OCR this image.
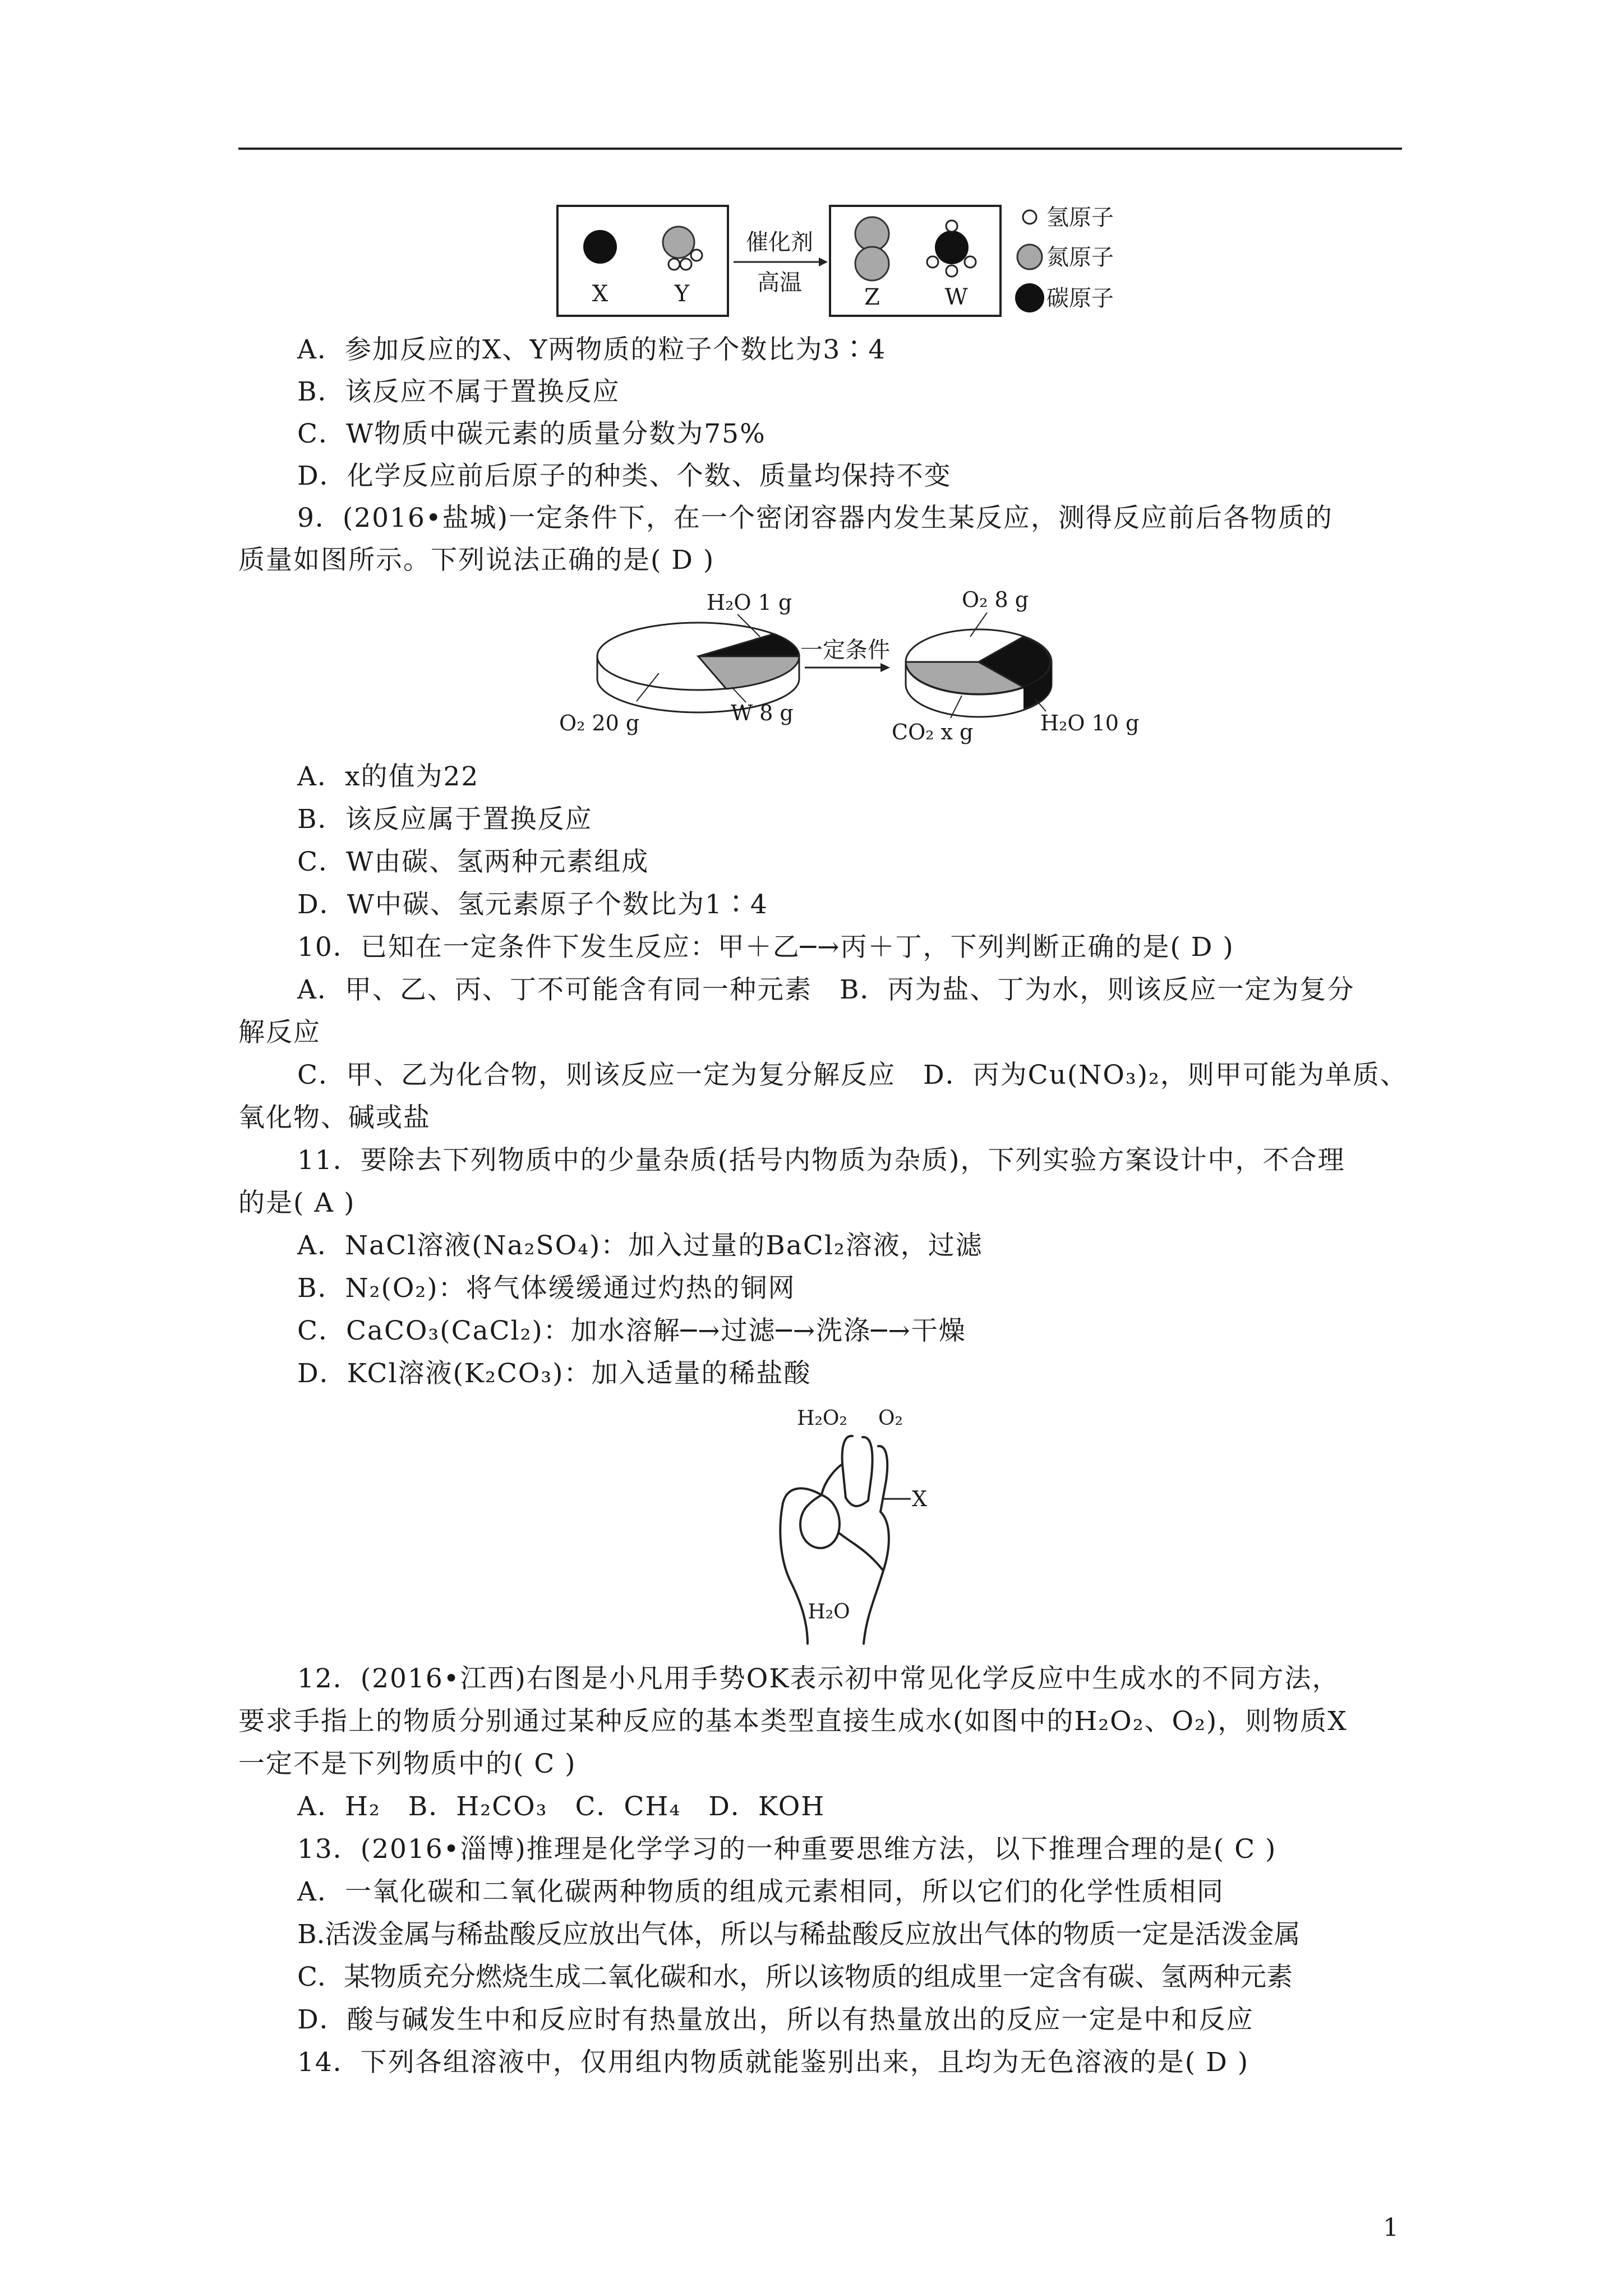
X	Y
催化剂
高温
Z	W
氢原子
氮原子
碳原子
A．参加反应的X、Y两物质的粒子个数比为3∶4
B．该反应不属于置换反应
C．W物质中碳元素的质量分数为75%
D．化学反应前后原子的种类、个数、质量均保持不变
9．(2016•盐城)一定条件下，在一个密闭容器内发生某反应，测得反应前后各物质的
质量如图所示。下列说法正确的是( D )
H₂O 1 g
O₂ 20 g	W 8 g
一定条件
O₂ 8 g
CO₂ x g	H₂O 10 g
A．x的值为22
B．该反应属于置换反应
C．W由碳、氢两种元素组成
D．W中碳、氢元素原子个数比为1∶4
10．已知在一定条件下发生反应：甲＋乙─→丙＋丁，下列判断正确的是( D )
A．甲、乙、丙、丁不可能含有同一种元素　B．丙为盐、丁为水，则该反应一定为复分
解反应
C．甲、乙为化合物，则该反应一定为复分解反应　D．丙为Cu(NO₃)₂，则甲可能为单质、
氧化物、碱或盐
11．要除去下列物质中的少量杂质(括号内物质为杂质)，下列实验方案设计中，不合理
的是( A )
A．NaCl溶液(Na₂SO₄)：加入过量的BaCl₂溶液，过滤
B．N₂(O₂)：将气体缓缓通过灼热的铜网
C．CaCO₃(CaCl₂)：加水溶解─→过滤─→洗涤─→干燥
D．KCl溶液(K₂CO₃)：加入适量的稀盐酸
H₂O₂ O₂
X
H₂O
12．(2016•江西)右图是小凡用手势OK表示初中常见化学反应中生成水的不同方法，
要求手指上的物质分别通过某种反应的基本类型直接生成水(如图中的H₂O₂、O₂)，则物质X
一定不是下列物质中的( C )
A．H₂　B．H₂CO₃　C．CH₄　D．KOH
13．(2016•淄博)推理是化学学习的一种重要思维方法，以下推理合理的是( C )
A．一氧化碳和二氧化碳两种物质的组成元素相同，所以它们的化学性质相同
B.活泼金属与稀盐酸反应放出气体，所以与稀盐酸反应放出气体的物质一定是活泼金属
C．某物质充分燃烧生成二氧化碳和水，所以该物质的组成里一定含有碳、氢两种元素
D．酸与碱发生中和反应时有热量放出，所以有热量放出的反应一定是中和反应
14．下列各组溶液中，仅用组内物质就能鉴别出来，且均为无色溶液的是( D )
1
